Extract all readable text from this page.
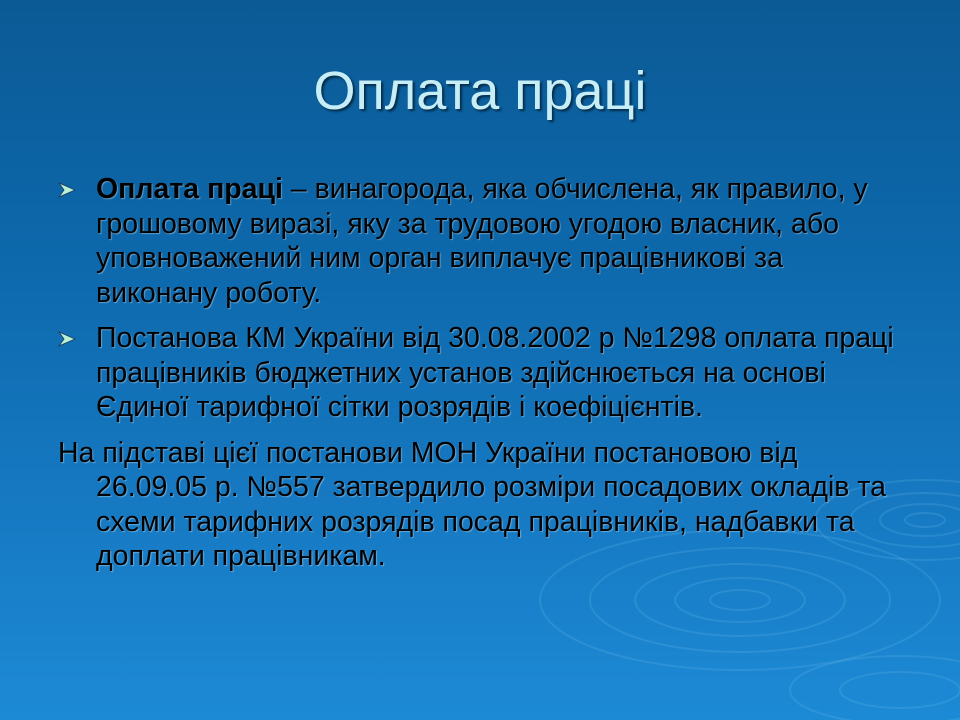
Оплата праці
Оплата праці – винагорода, яка обчислена, як правило, у грошовому виразі, яку за трудовою угодою власник, або уповноважений ним орган виплачує працівникові за виконану роботу.
Постанова КМ України від 30.08.2002 р №1298 оплата праці працівників бюджетних установ здійснюється на основі Єдиної тарифної сітки розрядів і коефіцієнтів.
На підставі цієї постанови МОН України постановою від 26.09.05 р. №557 затвердило розміри посадових окладів та схеми тарифних розрядів посад працівників, надбавки та доплати працівникам.
